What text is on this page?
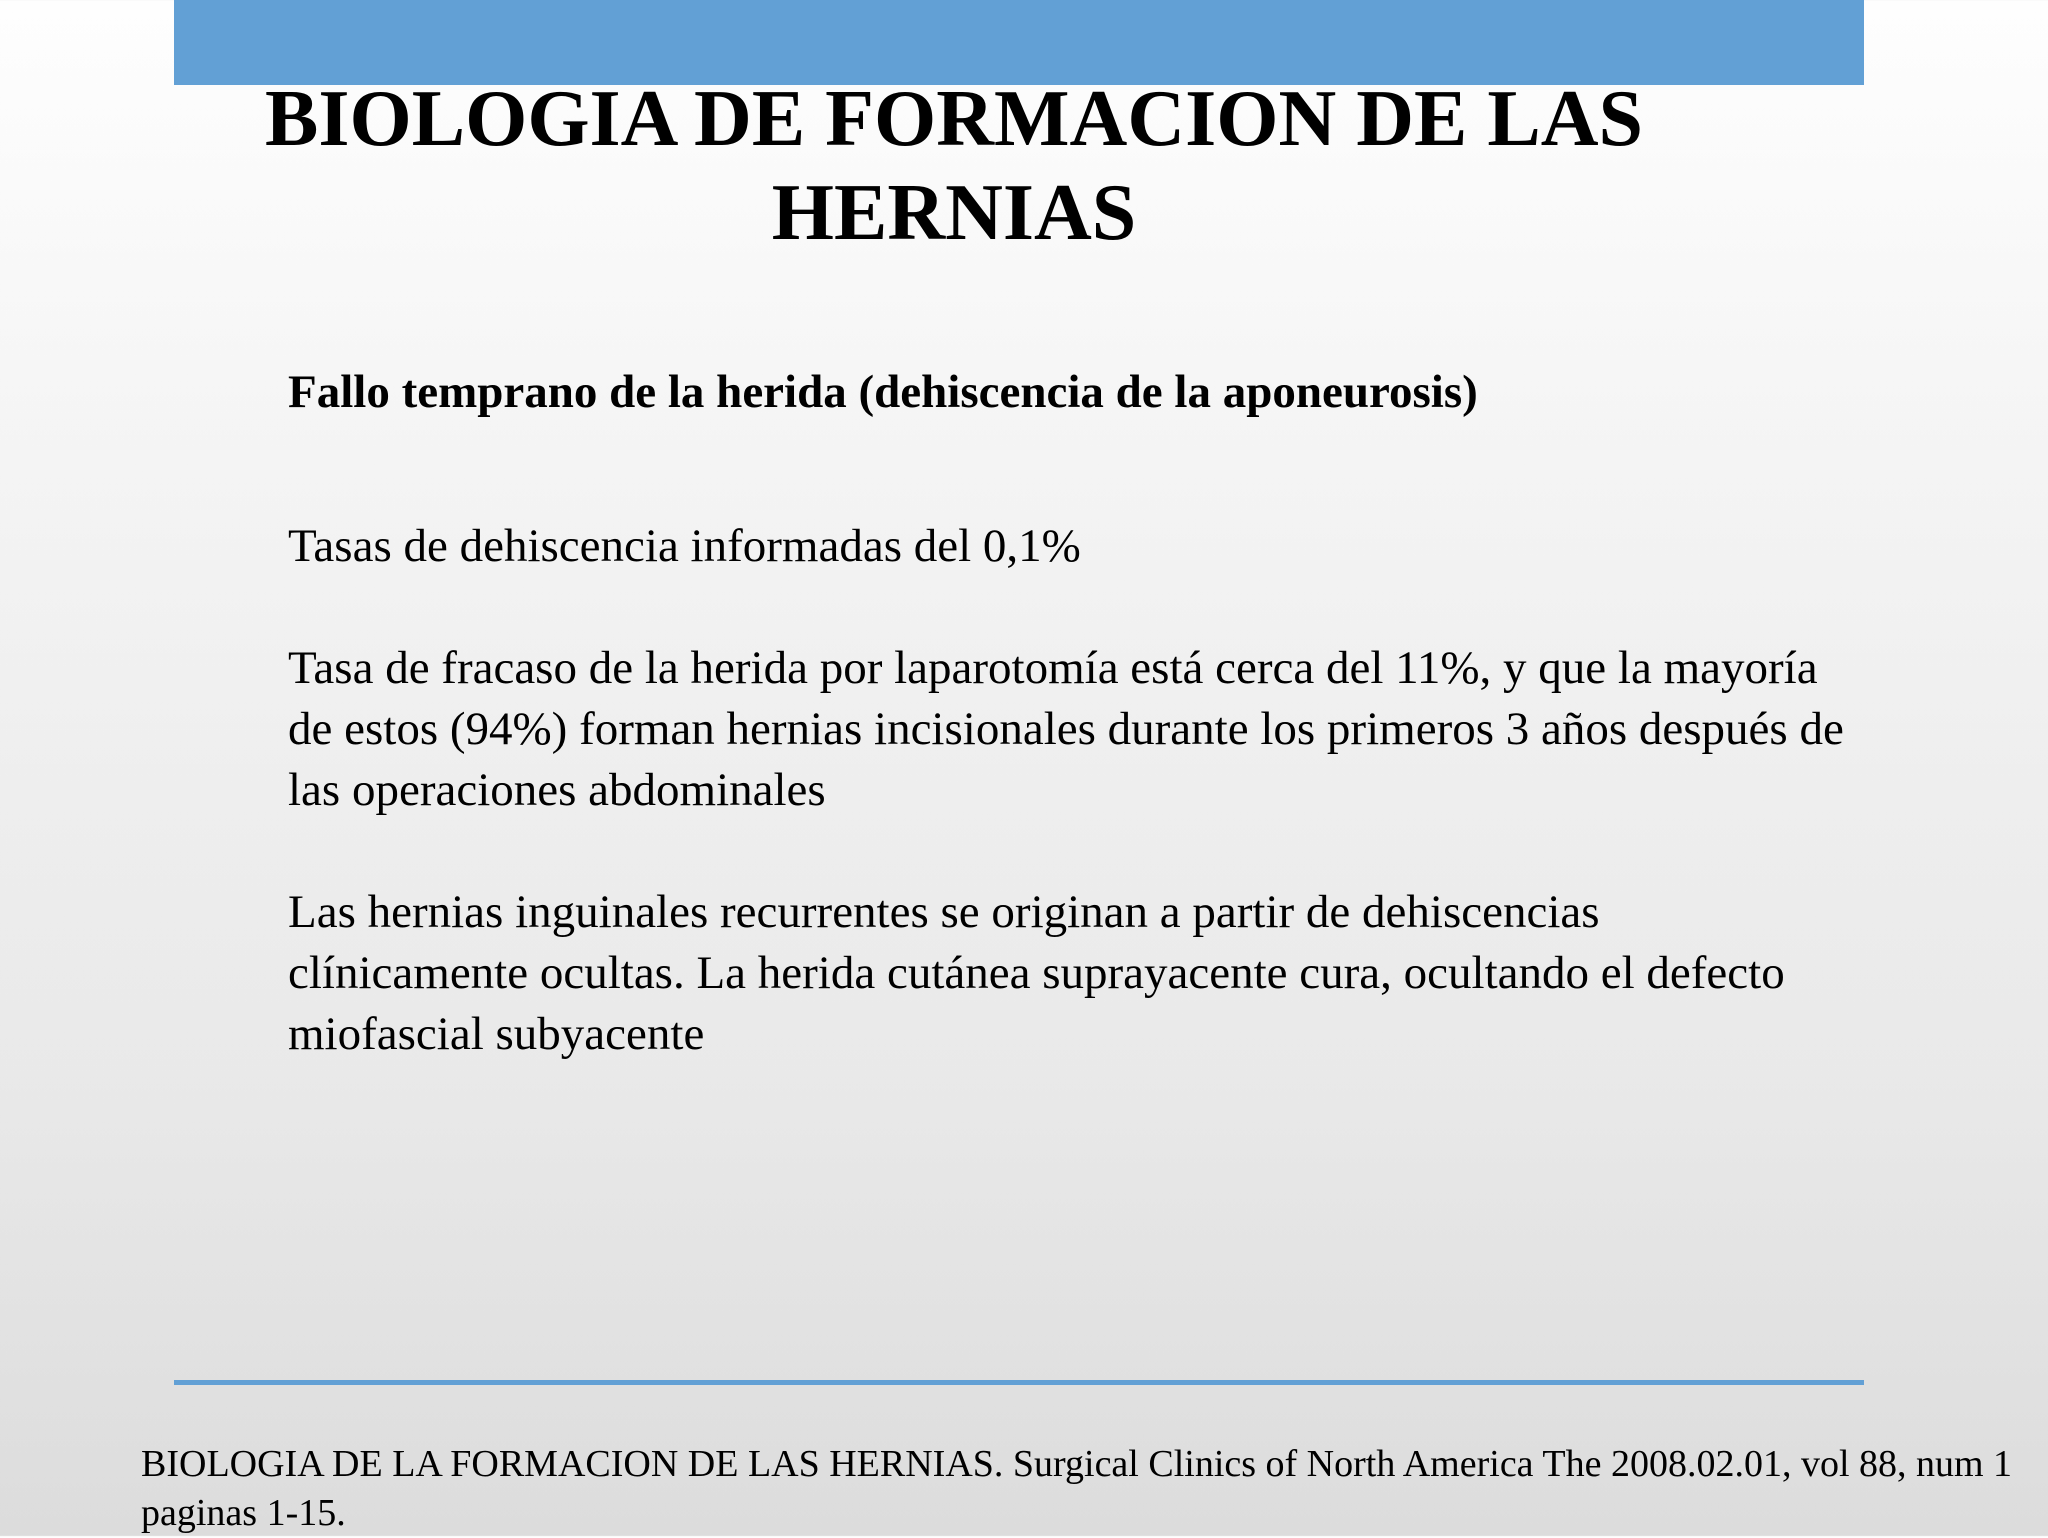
BIOLOGIA DE FORMACION DE LAS HERNIAS

Fallo temprano de la herida (dehiscencia de la aponeurosis)

Tasas de dehiscencia informadas del 0,1%

Tasa de fracaso de la herida por laparotomía está cerca del 11%, y que la mayoría de estos (94%) forman hernias incisionales durante los primeros 3 años después de las operaciones abdominales

Las hernias inguinales recurrentes se originan a partir de dehiscencias clínicamente ocultas. La herida cutánea suprayacente cura, ocultando el defecto miofascial subyacente

BIOLOGIA DE LA FORMACION DE LAS HERNIAS. Surgical Clinics of North America The 2008.02.01, vol 88, num 1 paginas 1-15.
